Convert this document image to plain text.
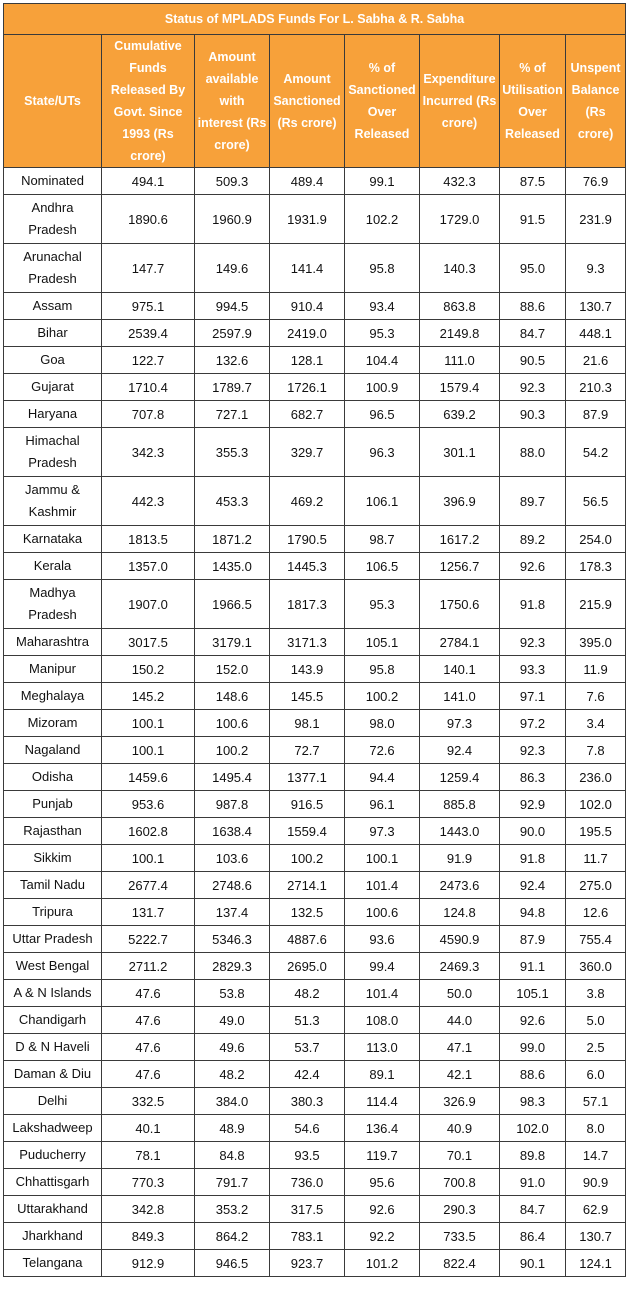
Status of MPLADS Funds For L. Sabha & R. Sabha							
State/UTs	Cumulative Funds Released By Govt. Since 1993 (Rs crore)	Amount available with interest (Rs crore)	Amount Sanctioned (Rs crore)	% of Sanctioned Over Released	Expenditure Incurred (Rs crore)	% of Utilisation Over Released	Unspent Balance (Rs crore)
Nominated	494.1	509.3	489.4	99.1	432.3	87.5	76.9
Andhra Pradesh	1890.6	1960.9	1931.9	102.2	1729.0	91.5	231.9
Arunachal Pradesh	147.7	149.6	141.4	95.8	140.3	95.0	9.3
Assam	975.1	994.5	910.4	93.4	863.8	88.6	130.7
Bihar	2539.4	2597.9	2419.0	95.3	2149.8	84.7	448.1
Goa	122.7	132.6	128.1	104.4	111.0	90.5	21.6
Gujarat	1710.4	1789.7	1726.1	100.9	1579.4	92.3	210.3
Haryana	707.8	727.1	682.7	96.5	639.2	90.3	87.9
Himachal Pradesh	342.3	355.3	329.7	96.3	301.1	88.0	54.2
Jammu & Kashmir	442.3	453.3	469.2	106.1	396.9	89.7	56.5
Karnataka	1813.5	1871.2	1790.5	98.7	1617.2	89.2	254.0
Kerala	1357.0	1435.0	1445.3	106.5	1256.7	92.6	178.3
Madhya Pradesh	1907.0	1966.5	1817.3	95.3	1750.6	91.8	215.9
Maharashtra	3017.5	3179.1	3171.3	105.1	2784.1	92.3	395.0
Manipur	150.2	152.0	143.9	95.8	140.1	93.3	11.9
Meghalaya	145.2	148.6	145.5	100.2	141.0	97.1	7.6
Mizoram	100.1	100.6	98.1	98.0	97.3	97.2	3.4
Nagaland	100.1	100.2	72.7	72.6	92.4	92.3	7.8
Odisha	1459.6	1495.4	1377.1	94.4	1259.4	86.3	236.0
Punjab	953.6	987.8	916.5	96.1	885.8	92.9	102.0
Rajasthan	1602.8	1638.4	1559.4	97.3	1443.0	90.0	195.5
Sikkim	100.1	103.6	100.2	100.1	91.9	91.8	11.7
Tamil Nadu	2677.4	2748.6	2714.1	101.4	2473.6	92.4	275.0
Tripura	131.7	137.4	132.5	100.6	124.8	94.8	12.6
Uttar Pradesh	5222.7	5346.3	4887.6	93.6	4590.9	87.9	755.4
West Bengal	2711.2	2829.3	2695.0	99.4	2469.3	91.1	360.0
A & N Islands	47.6	53.8	48.2	101.4	50.0	105.1	3.8
Chandigarh	47.6	49.0	51.3	108.0	44.0	92.6	5.0
D & N Haveli	47.6	49.6	53.7	113.0	47.1	99.0	2.5
Daman & Diu	47.6	48.2	42.4	89.1	42.1	88.6	6.0
Delhi	332.5	384.0	380.3	114.4	326.9	98.3	57.1
Lakshadweep	40.1	48.9	54.6	136.4	40.9	102.0	8.0
Puducherry	78.1	84.8	93.5	119.7	70.1	89.8	14.7
Chhattisgarh	770.3	791.7	736.0	95.6	700.8	91.0	90.9
Uttarakhand	342.8	353.2	317.5	92.6	290.3	84.7	62.9
Jharkhand	849.3	864.2	783.1	92.2	733.5	86.4	130.7
Telangana	912.9	946.5	923.7	101.2	822.4	90.1	124.1
